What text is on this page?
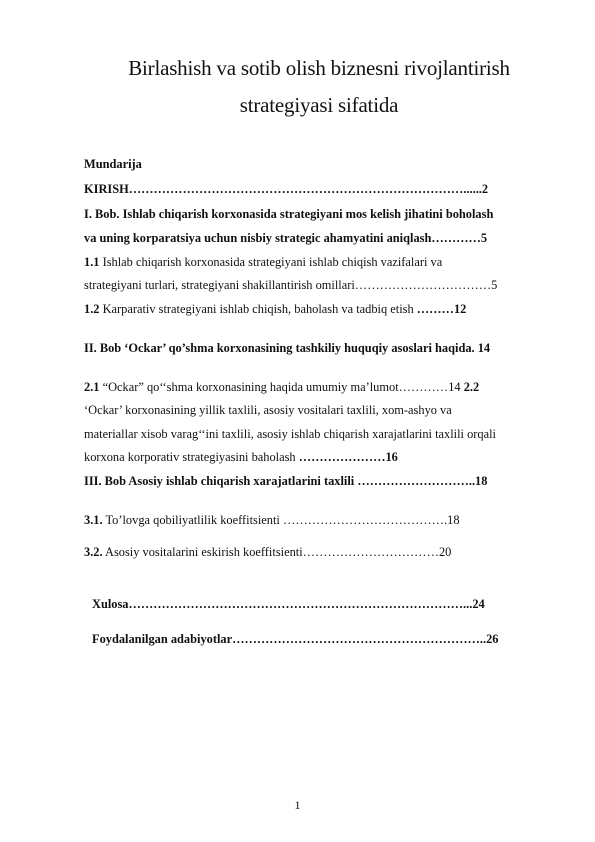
Birlashish va sotib olish biznesni rivojlantirish
strategiyasi sifatida
Mundarija
KIRISH………………………………………………………………………......2
I. Bob. Ishlab chiqarish korxonasida strategiyani mos kelish jihatini boholash
va uning korparatsiya uchun nisbiy strategic ahamyatini aniqlash…………5
1.1 Ishlab chiqarish korxonasida strategiyani ishlab chiqish vazifalari va
strategiyani turlari, strategiyani shakillantirish omillari……………………………5
1.2 Karparativ strategiyani ishlab chiqish, baholash va tadbiq etish ………12
II. Bob ‘Ockar’ qo’shma korxonasining tashkiliy huquqiy asoslari haqida. 14
2.1 “Ockar” qo‘‘shma korxonasining haqida umumiy ma’lumot…………14 2.2
‘Ockar’ korxonasining yillik taxlili, asosiy vositalari taxlili, xom-ashyo va
materiallar xisob varag‘‘ini taxlili, asosiy ishlab chiqarish xarajatlarini taxlili orqali
korxona korporativ strategiyasini baholash …………………16
III. Bob Asosiy ishlab chiqarish xarajatlarini taxlili ………………………..18
3.1. To’lovga qobiliyatlilik koeffitsienti ………………………………….18
3.2. Asosiy vositalarini eskirish koeffitsienti……………………………20
Xulosa………………………………………………………………………...24
Foydalanilgan adabiyotlar……………………………………………………..26
1
